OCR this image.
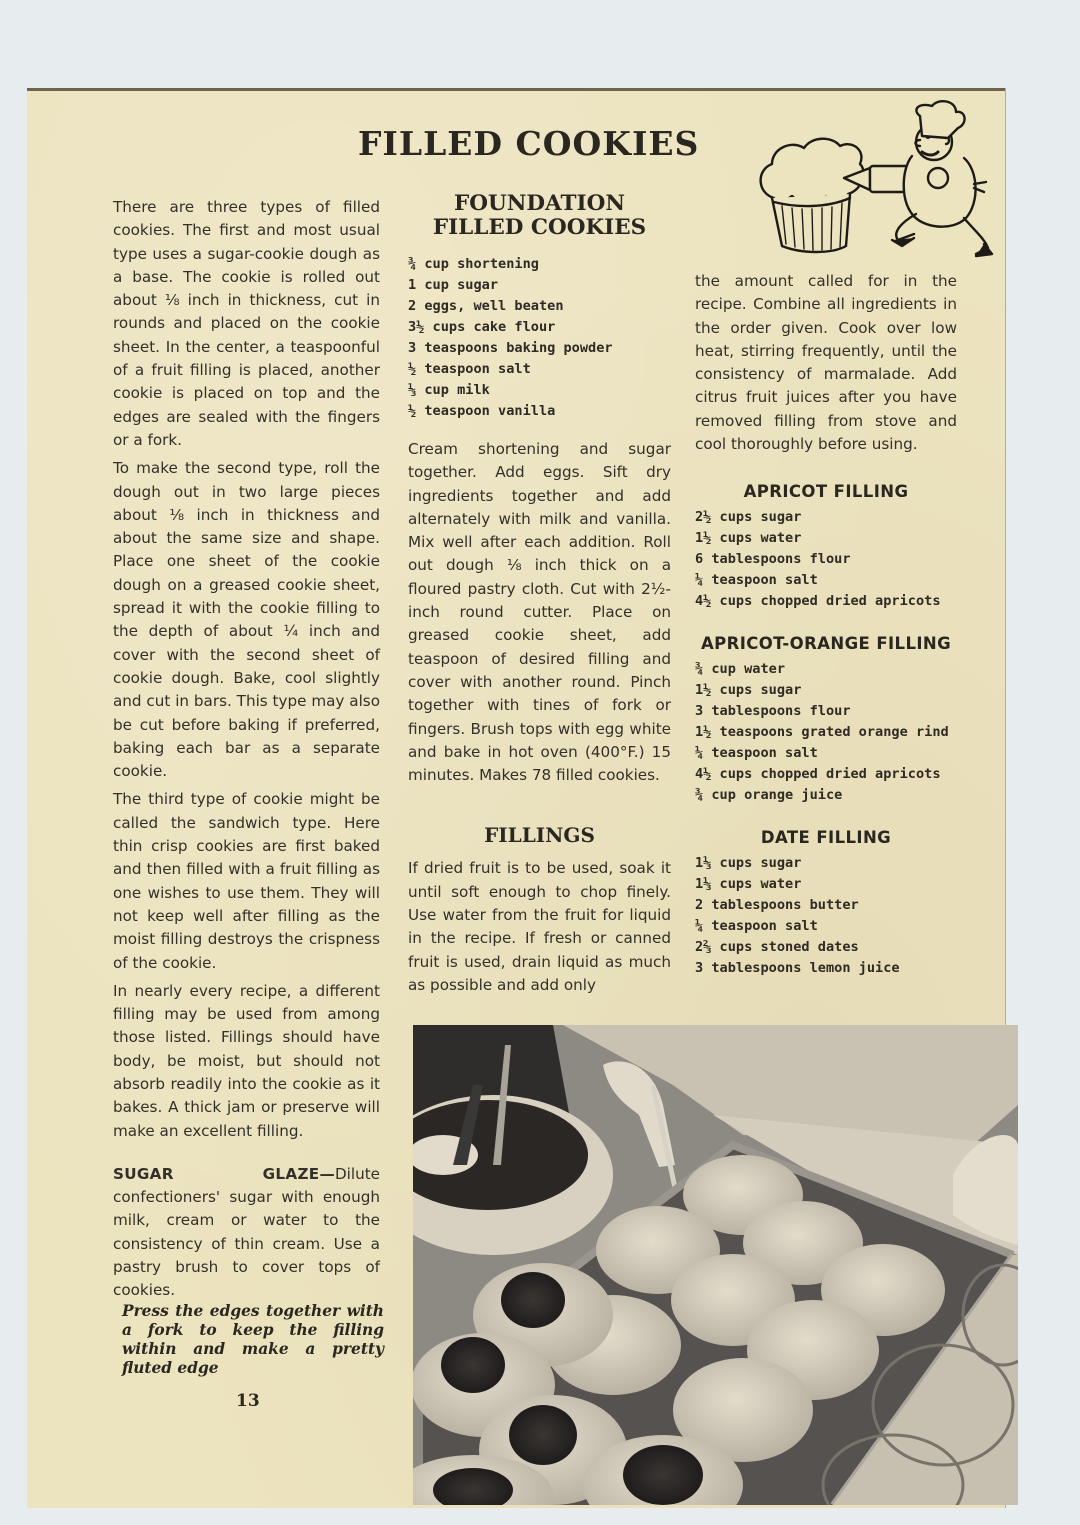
FILLED COOKIES

There are three types of filled cookies. The first and most usual type uses a sugar-cookie dough as a base. The cookie is rolled out about ⅛ inch in thickness, cut in rounds and placed on the cookie sheet. In the center, a teaspoonful of a fruit filling is placed, another cookie is placed on top and the edges are sealed with the fingers or a fork.

To make the second type, roll the dough out in two large pieces about ⅛ inch in thickness and about the same size and shape. Place one sheet of the cookie dough on a greased cookie sheet, spread it with the cookie filling to the depth of about ¼ inch and cover with the second sheet of cookie dough. Bake, cool slightly and cut in bars. This type may also be cut before baking if preferred, baking each bar as a separate cookie.

The third type of cookie might be called the sandwich type. Here thin crisp cookies are first baked and then filled with a fruit filling as one wishes to use them. They will not keep well after filling as the moist filling destroys the crispness of the cookie.

In nearly every recipe, a different filling may be used from among those listed. Fillings should have body, be moist, but should not absorb readily into the cookie as it bakes. A thick jam or preserve will make an excellent filling.

SUGAR GLAZE—Dilute confectioners' sugar with enough milk, cream or water to the consistency of thin cream. Use a pastry brush to cover tops of cookies.

Press the edges together with a fork to keep the filling within and make a pretty fluted edge

13
FOUNDATION
FILLED COOKIES
¾ cup shortening
1 cup sugar
2 eggs, well beaten
3½ cups cake flour
3 teaspoons baking powder
½ teaspoon salt
⅓ cup milk
½ teaspoon vanilla

Cream shortening and sugar together. Add eggs. Sift dry ingredients together and add alternately with milk and vanilla. Mix well after each addition. Roll out dough ⅛ inch thick on a floured pastry cloth. Cut with 2½-inch round cutter. Place on greased cookie sheet, add teaspoon of desired filling and cover with another round. Pinch together with tines of fork or fingers. Brush tops with egg white and bake in hot oven (400°F.) 15 minutes. Makes 78 filled cookies.

FILLINGS

If dried fruit is to be used, soak it until soft enough to chop finely. Use water from the fruit for liquid in the recipe. If fresh or canned fruit is used, drain liquid as much as possible and add only

the amount called for in the recipe. Combine all ingredients in the order given. Cook over low heat, stirring frequently, until the consistency of marmalade. Add citrus fruit juices after you have removed filling from stove and cool thoroughly before using.

APRICOT FILLING
2½ cups sugar
1½ cups water
6 tablespoons flour
¼ teaspoon salt
4½ cups chopped dried apricots
APRICOT-ORANGE FILLING
¾ cup water
1½ cups sugar
3 tablespoons flour
1½ teaspoons grated orange rind
¼ teaspoon salt
4½ cups chopped dried apricots
¾ cup orange juice
DATE FILLING
1⅓ cups sugar
1⅓ cups water
2 tablespoons butter
¼ teaspoon salt
2⅔ cups stoned dates
3 tablespoons lemon juice
